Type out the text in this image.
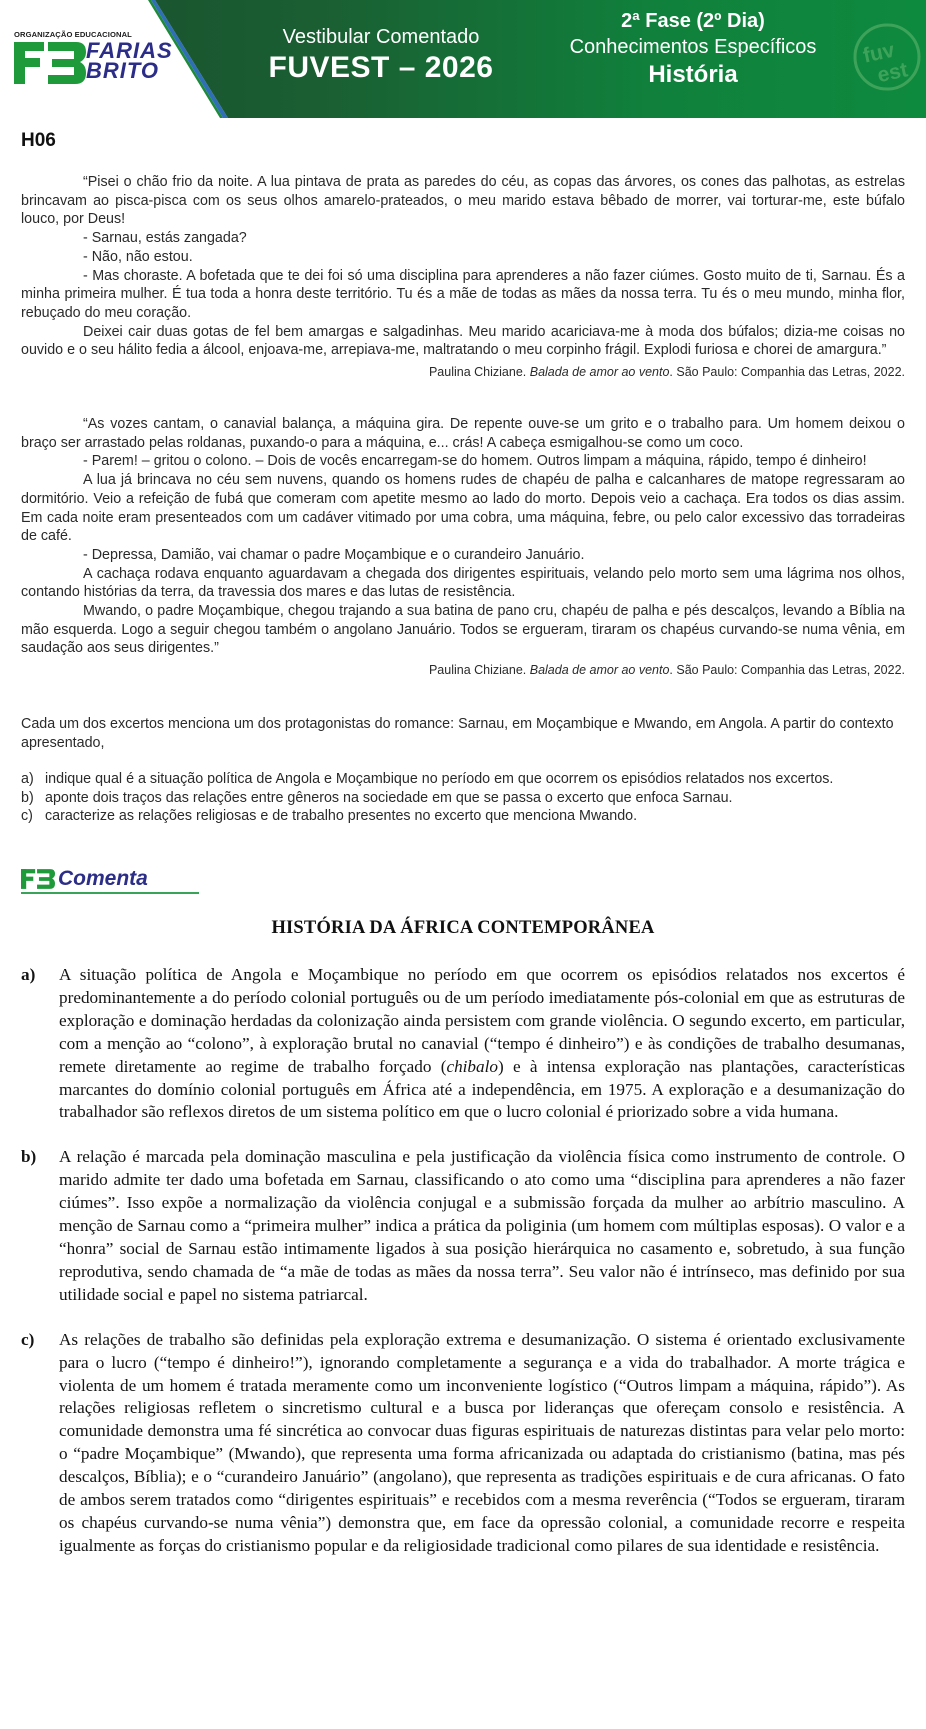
ORGANIZAÇÃO EDUCACIONAL
FARIAS
BRITO
Vestibular Comentado
FUVEST – 2026
2ª Fase (2º Dia)
Conhecimentos Específicos
História
fuv
est
H06

“Pisei o chão frio da noite. A lua pintava de prata as paredes do céu, as copas das árvores, os cones das palhotas, as estrelas brincavam ao pisca-pisca com os seus olhos amarelo-prateados, o meu marido estava bêbado de morrer, vai torturar-me, este búfalo louco, por Deus!

- Sarnau, estás zangada?

- Não, não estou.

- Mas choraste. A bofetada que te dei foi só uma disciplina para aprenderes a não fazer ciúmes. Gosto muito de ti, Sarnau. És a minha primeira mulher. É tua toda a honra deste território. Tu és a mãe de todas as mães da nossa terra. Tu és o meu mundo, minha flor, rebuçado do meu coração.

Deixei cair duas gotas de fel bem amargas e salgadinhas. Meu marido acariciava-me à moda dos búfalos; dizia-me coisas no ouvido e o seu hálito fedia a álcool, enjoava-me, arrepiava-me, maltratando o meu corpinho frágil. Explodi furiosa e chorei de amargura.”

Paulina Chiziane. Balada de amor ao vento. São Paulo: Companhia das Letras, 2022.

“As vozes cantam, o canavial balança, a máquina gira. De repente ouve-se um grito e o trabalho para. Um homem deixou o braço ser arrastado pelas roldanas, puxando-o para a máquina, e... crás! A cabeça esmigalhou-se como um coco.

- Parem! – gritou o colono. – Dois de vocês encarregam-se do homem. Outros limpam a máquina, rápido, tempo é dinheiro!

A lua já brincava no céu sem nuvens, quando os homens rudes de chapéu de palha e calcanhares de matope regressaram ao dormitório. Veio a refeição de fubá que comeram com apetite mesmo ao lado do morto. Depois veio a cachaça. Era todos os dias assim. Em cada noite eram presenteados com um cadáver vitimado por uma cobra, uma máquina, febre, ou pelo calor excessivo das torradeiras de café.

- Depressa, Damião, vai chamar o padre Moçambique e o curandeiro Januário.

A cachaça rodava enquanto aguardavam a chegada dos dirigentes espirituais, velando pelo morto sem uma lágrima nos olhos, contando histórias da terra, da travessia dos mares e das lutas de resistência.

Mwando, o padre Moçambique, chegou trajando a sua batina de pano cru, chapéu de palha e pés descalços, levando a Bíblia na mão esquerda. Logo a seguir chegou também o angolano Januário. Todos se ergueram, tiraram os chapéus curvando-se numa vênia, em saudação aos seus dirigentes.”

Paulina Chiziane. Balada de amor ao vento. São Paulo: Companhia das Letras, 2022.

Cada um dos excertos menciona um dos protagonistas do romance: Sarnau, em Moçambique e Mwando, em Angola. A partir do contexto apresentado,

a) indique qual é a situação política de Angola e Moçambique no período em que ocorrem os episódios relatados nos excertos.
b) aponte dois traços das relações entre gêneros na sociedade em que se passa o excerto que enfoca Sarnau.
c) caracterize as relações religiosas e de trabalho presentes no excerto que menciona Mwando.
Comenta
HISTÓRIA DA ÁFRICA CONTEMPORÂNEA
a)	A situação política de Angola e Moçambique no período em que ocorrem os episódios relatados nos excertos é predominantemente a do período colonial português ou de um período imediatamente pós-colonial em que as estruturas de exploração e dominação herdadas da colonização ainda persistem com grande violência. O segundo excerto, em particular, com a menção ao “colono”, à exploração brutal no canavial (“tempo é dinheiro”) e às condições de trabalho desumanas, remete diretamente ao regime de trabalho forçado (chibalo) e à intensa exploração nas plantações, características marcantes do domínio colonial português em África até a independência, em 1975. A exploração e a desumanização do trabalhador são reflexos diretos de um sistema político em que o lucro colonial é priorizado sobre a vida humana.
b)	A relação é marcada pela dominação masculina e pela justificação da violência física como instrumento de controle. O marido admite ter dado uma bofetada em Sarnau, classificando o ato como uma “disciplina para aprenderes a não fazer ciúmes”. Isso expõe a normalização da violência conjugal e a submissão forçada da mulher ao arbítrio masculino. A menção de Sarnau como a “primeira mulher” indica a prática da poliginia (um homem com múltiplas esposas). O valor e a “honra” social de Sarnau estão intimamente ligados à sua posição hierárquica no casamento e, sobretudo, à sua função reprodutiva, sendo chamada de “a mãe de todas as mães da nossa terra”. Seu valor não é intrínseco, mas definido por sua utilidade social e papel no sistema patriarcal.
c)	As relações de trabalho são definidas pela exploração extrema e desumanização. O sistema é orientado exclusivamente para o lucro (“tempo é dinheiro!”), ignorando completamente a segurança e a vida do trabalhador. A morte trágica e violenta de um homem é tratada meramente como um inconveniente logístico (“Outros limpam a máquina, rápido”). As relações religiosas refletem o sincretismo cultural e a busca por lideranças que ofereçam consolo e resistência. A comunidade demonstra uma fé sincrética ao convocar duas figuras espirituais de naturezas distintas para velar pelo morto: o “padre Moçambique” (Mwando), que representa uma forma africanizada ou adaptada do cristianismo (batina, mas pés descalços, Bíblia); e o “curandeiro Januário” (angolano), que representa as tradições espirituais e de cura africanas. O fato de ambos serem tratados como “dirigentes espirituais” e recebidos com a mesma reverência (“Todos se ergueram, tiraram os chapéus curvando-se numa vênia”) demonstra que, em face da opressão colonial, a comunidade recorre e respeita igualmente as forças do cristianismo popular e da religiosidade tradicional como pilares de sua identidade e resistência.
